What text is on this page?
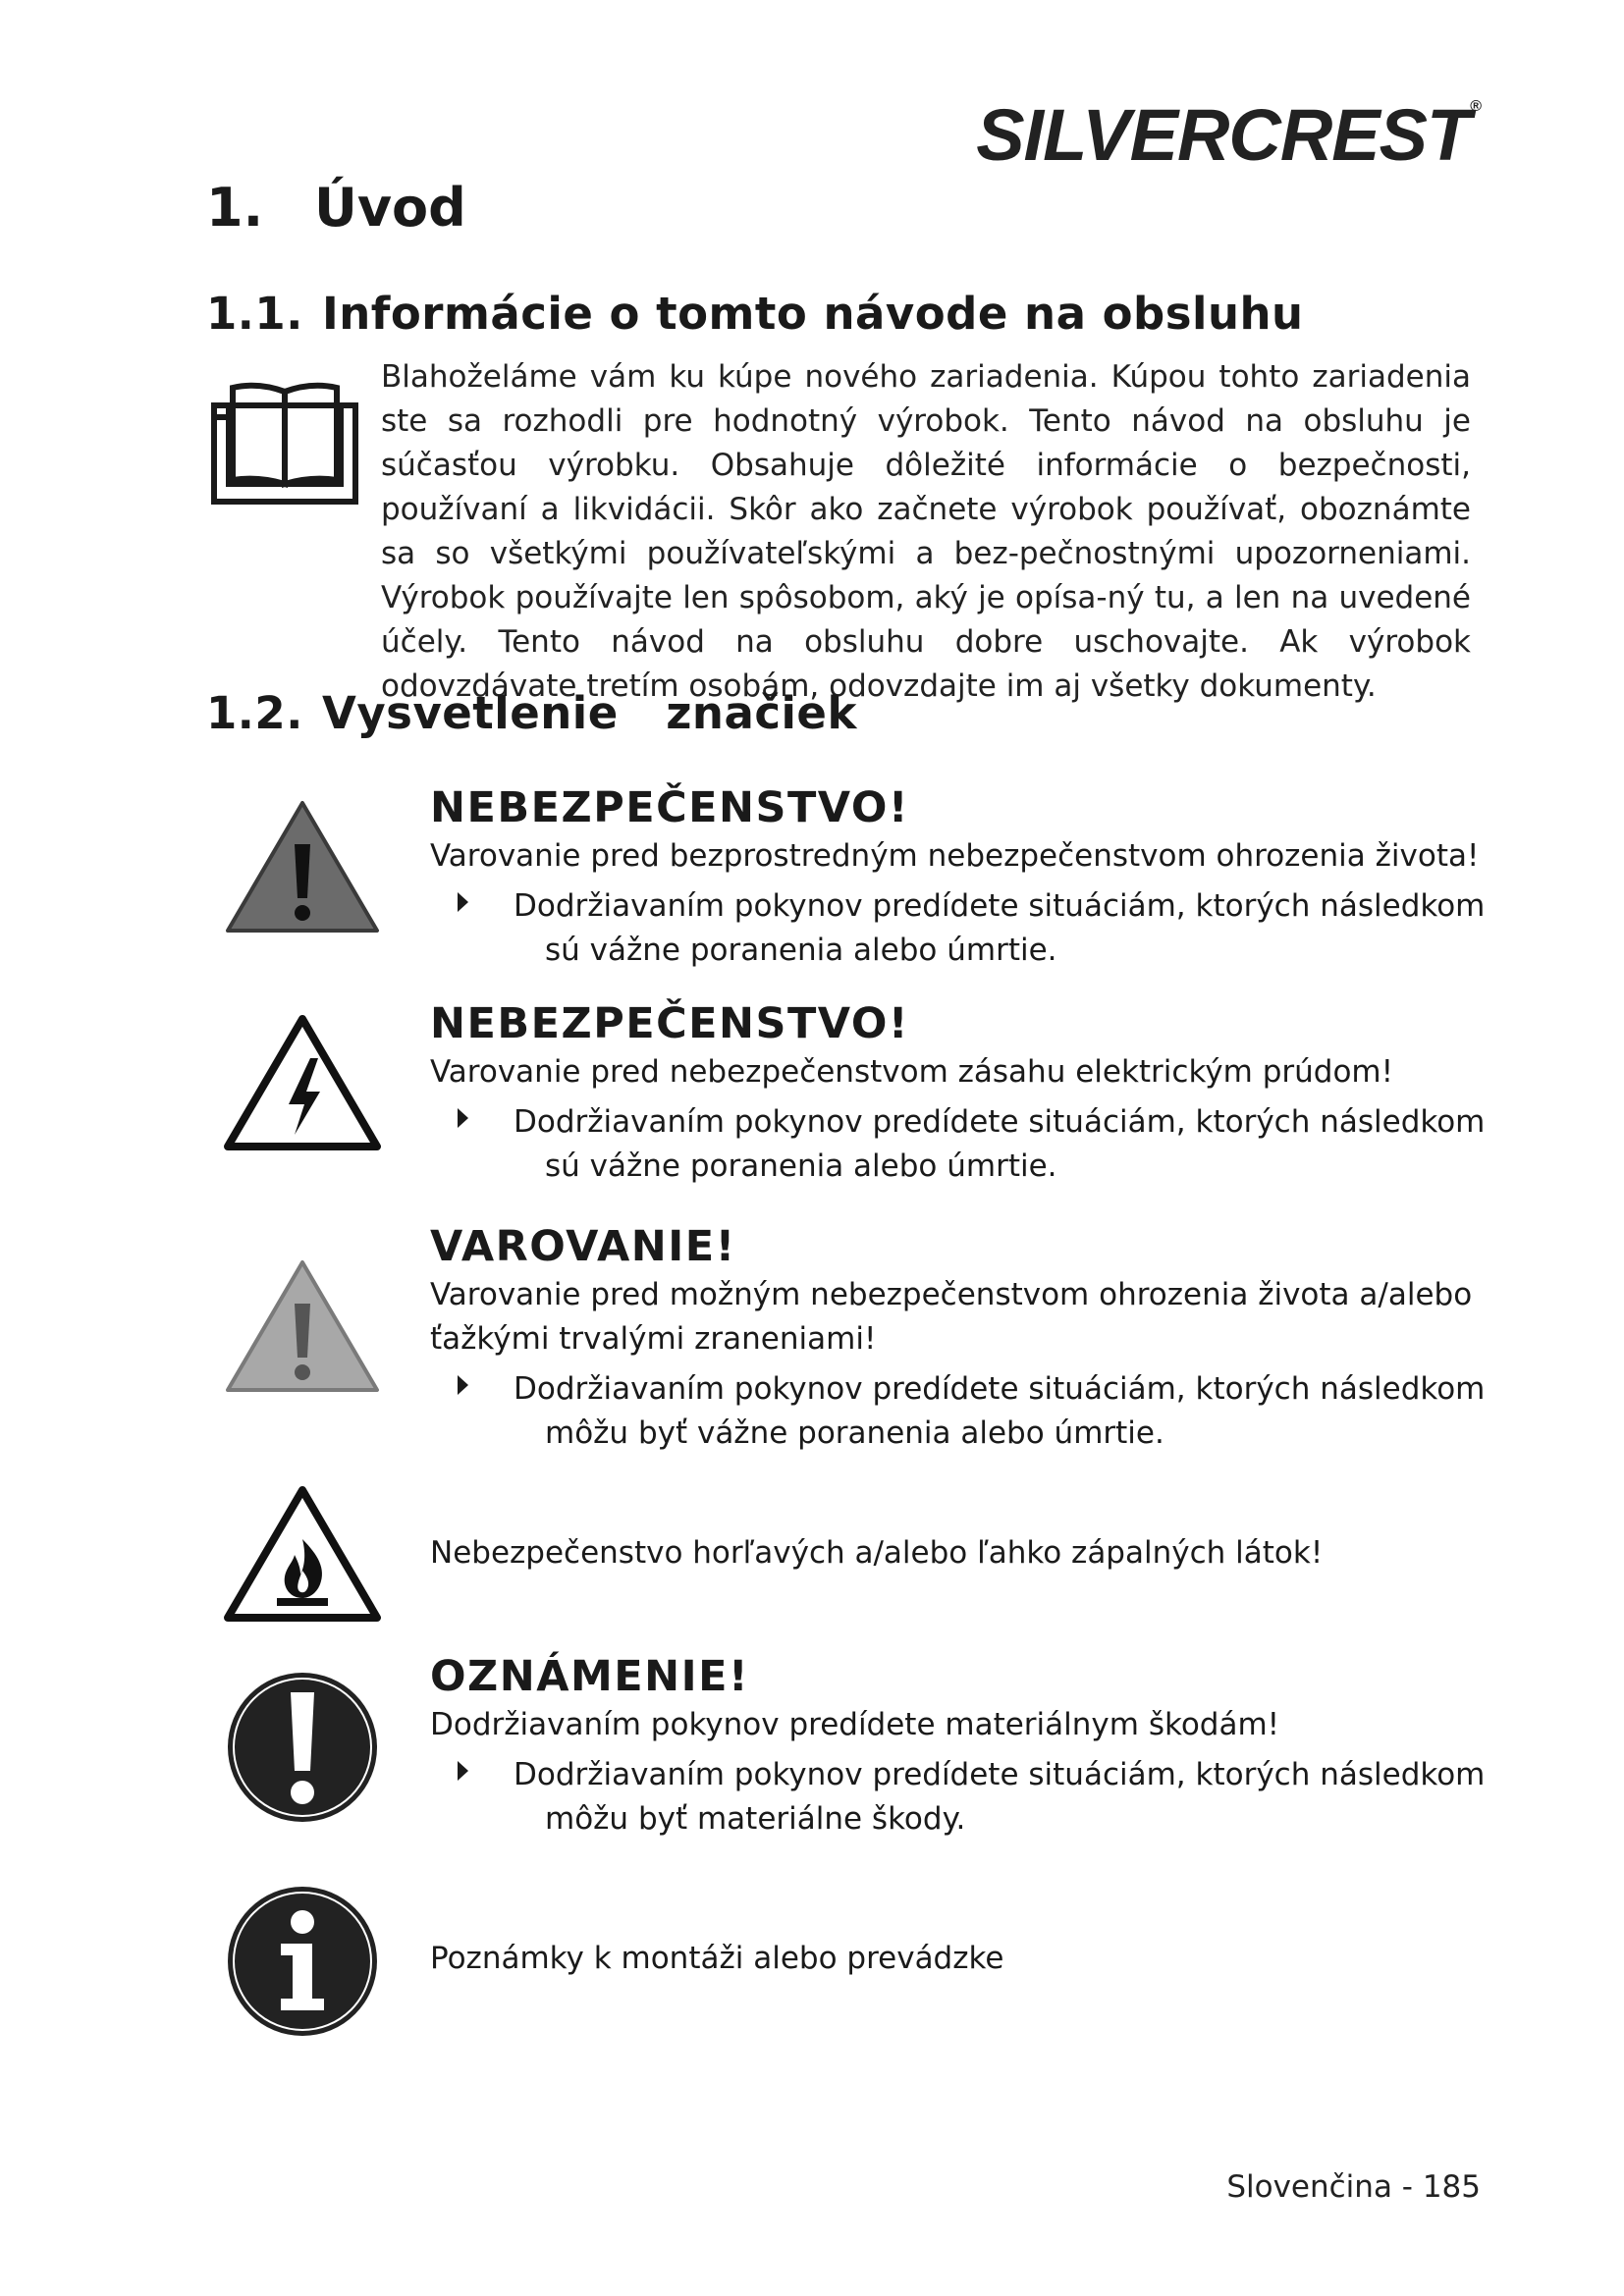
SILVERCREST®
1. Úvod
1.1. Informácie o tomto návode na obsluhu

Blahoželáme vám ku kúpe nového zariadenia. Kúpou tohto zariadenia ste sa rozhodli pre hodnotný výrobok. Tento návod na obsluhu je súčasťou výrobku. Obsahuje dôležité informácie o bezpečnosti, používaní a likvidácii. Skôr ako začnete výrobok používať, oboznámte sa so všetkými používateľskými a bez-pečnostnými upozorneniami. Výrobok používajte len spôsobom, aký je opísa-ný tu, a len na uvedené účely. Tento návod na obsluhu dobre uschovajte. Ak výrobok odovzdávate tretím osobám, odovzdajte im aj všetky dokumenty.

1.2. Vysvetlenie   značiek

NEBEZPEČENSTVO!

Varovanie pred bezprostredným nebezpečenstvom ohrozenia života!

Dodržiavaním pokynov predídete situáciám, ktorých následkom sú vážne poranenia alebo úmrtie.

NEBEZPEČENSTVO!

Varovanie pred nebezpečenstvom zásahu elektrickým prúdom!

Dodržiavaním pokynov predídete situáciám, ktorých následkom sú vážne poranenia alebo úmrtie.

VAROVANIE!

Varovanie pred možným nebezpečenstvom ohrozenia života a/alebo ťažkými trvalými zraneniami!

Dodržiavaním pokynov predídete situáciám, ktorých následkom môžu byť vážne poranenia alebo úmrtie.

Nebezpečenstvo horľavých a/alebo ľahko zápalných látok!

OZNÁMENIE!

Dodržiavaním pokynov predídete materiálnym škodám!

Dodržiavaním pokynov predídete situáciám, ktorých následkom môžu byť materiálne škody.

Poznámky k montáži alebo prevádzke

Slovenčina - 185
